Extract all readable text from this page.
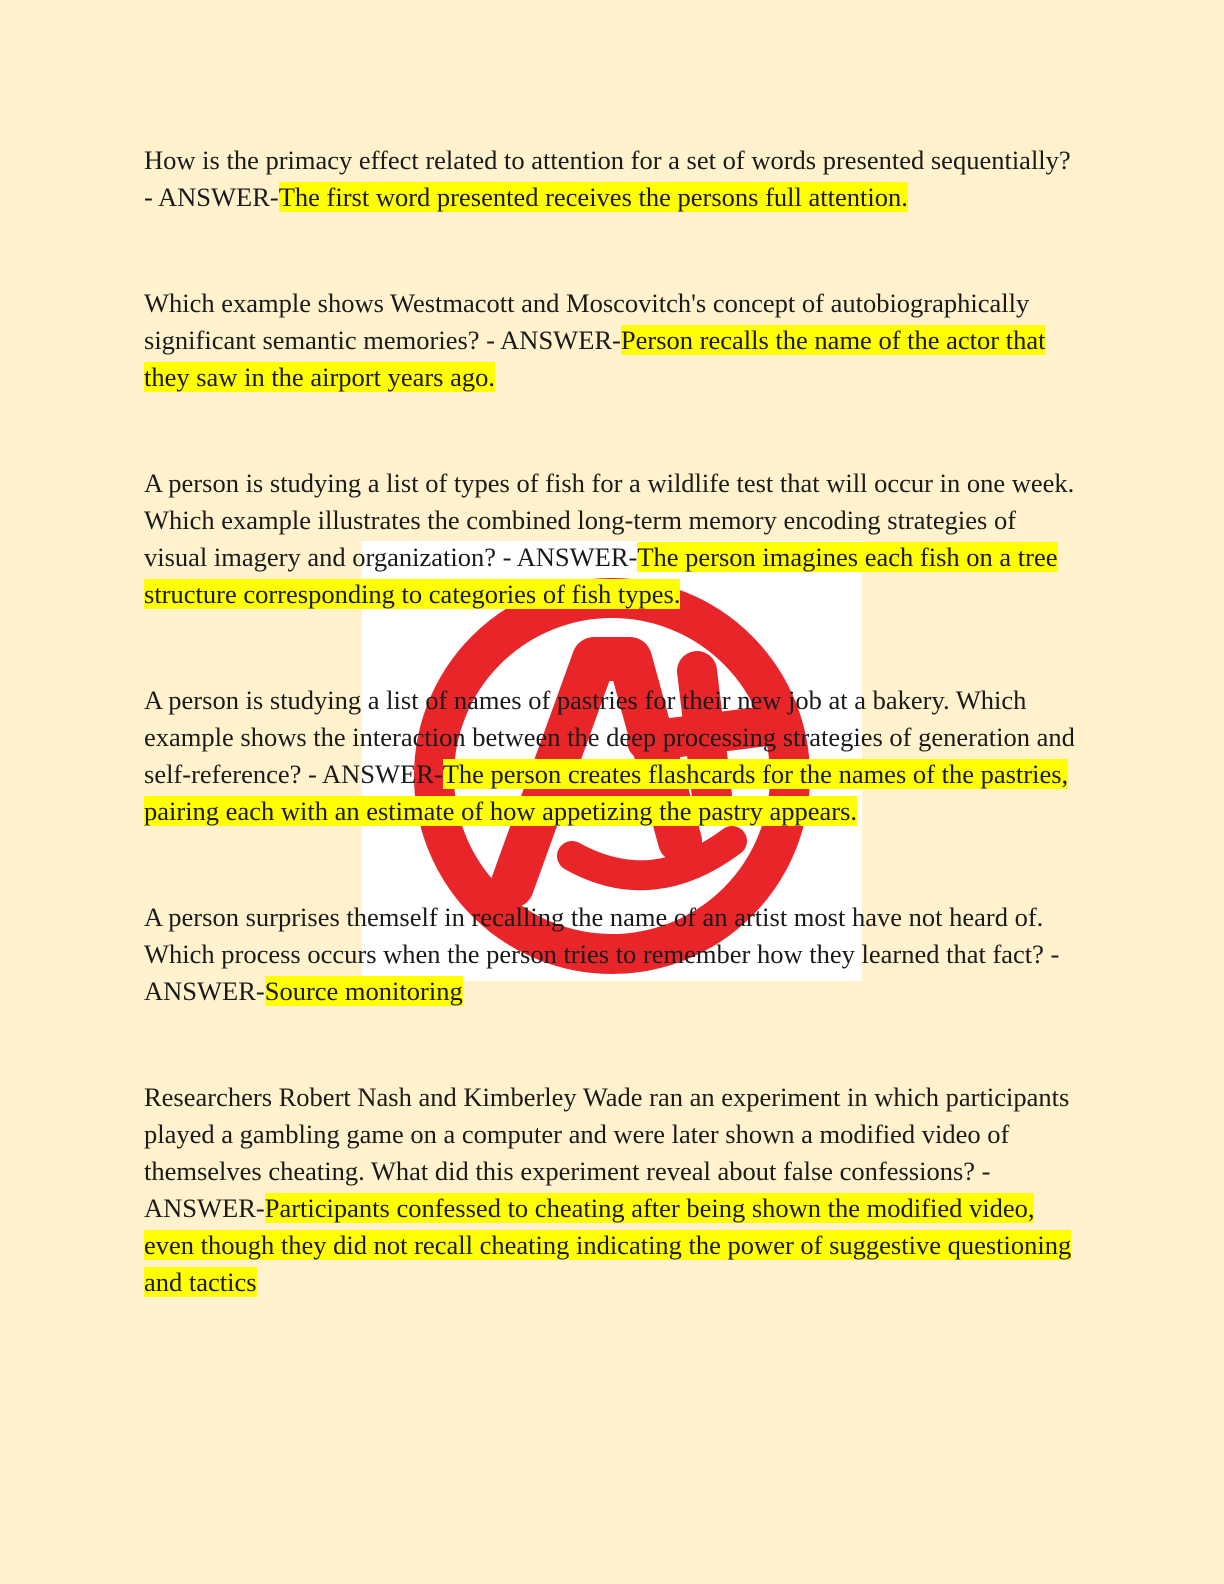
How is the primacy effect related to attention for a set of words presented sequentially? - ANSWER-The first word presented receives the persons full attention.

Which example shows Westmacott and Moscovitch's concept of autobiographically significant semantic memories? - ANSWER-Person recalls the name of the actor that they saw in the airport years ago.

A person is studying a list of types of fish for a wildlife test that will occur in one week. Which example illustrates the combined long-term memory encoding strategies of visual imagery and organization? - ANSWER-The person imagines each fish on a tree structure corresponding to categories of fish types.

A person is studying a list of names of pastries for their new job at a bakery. Which example shows the interaction between the deep processing strategies of generation and self-reference? - ANSWER-The person creates flashcards for the names of the pastries, pairing each with an estimate of how appetizing the pastry appears.

A person surprises themself in recalling the name of an artist most have not heard of. Which process occurs when the person tries to remember how they learned that fact? - ANSWER-Source monitoring

Researchers Robert Nash and Kimberley Wade ran an experiment in which participants played a gambling game on a computer and were later shown a modified video of themselves cheating. What did this experiment reveal about false confessions? - ANSWER-Participants confessed to cheating after being shown the modified video, even though they did not recall cheating indicating the power of suggestive questioning and tactics
